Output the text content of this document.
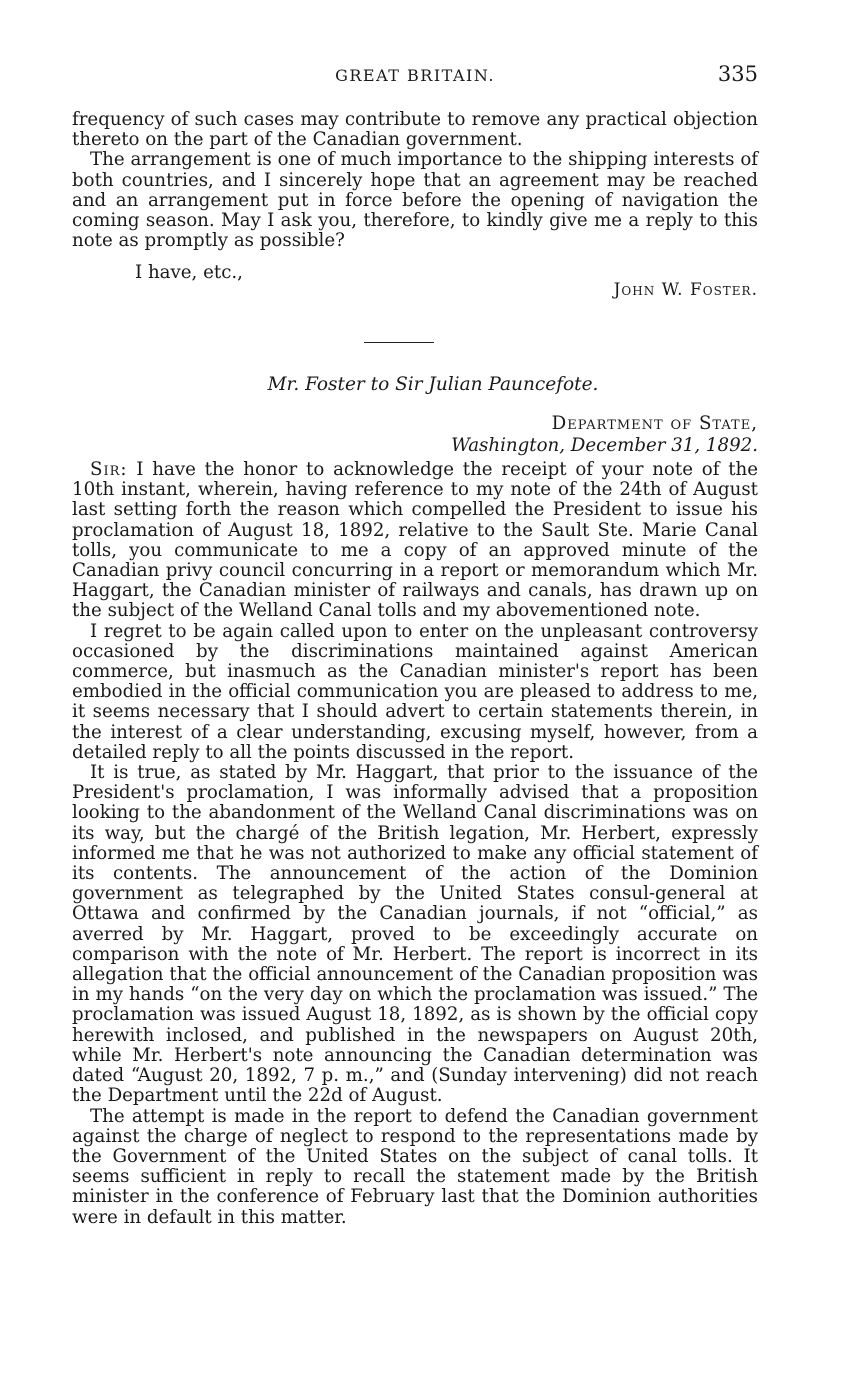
GREAT BRITAIN.	335

frequency of such cases may contribute to remove any practical objection thereto on the part of the Canadian government.

The arrangement is one of much importance to the shipping interests of both countries, and I sincerely hope that an agreement may be reached and an arrangement put in force before the opening of navigation the coming season. May I ask you, therefore, to kindly give me a reply to this note as promptly as possible?

I have, etc.,
John W. Foster.
Mr. Foster to Sir Julian Pauncefote.
Department of State,
Washington, December 31, 1892.

Sir: I have the honor to acknowledge the receipt of your note of the 10th instant, wherein, having reference to my note of the 24th of August last setting forth the reason which compelled the President to issue his proclamation of August 18, 1892, relative to the Sault Ste. Marie Canal tolls, you communicate to me a copy of an approved minute of the Canadian privy council concurring in a report or memorandum which Mr. Haggart, the Canadian minister of railways and canals, has drawn up on the subject of the Welland Canal tolls and my abovementioned note.

I regret to be again called upon to enter on the unpleasant controversy occasioned by the discriminations maintained against American commerce, but inasmuch as the Canadian minister's report has been embodied in the official communication you are pleased to address to me, it seems necessary that I should advert to certain statements therein, in the interest of a clear understanding, excusing myself, however, from a detailed reply to all the points discussed in the report.

It is true, as stated by Mr. Haggart, that prior to the issuance of the President's proclamation, I was informally advised that a proposition looking to the abandonment of the Welland Canal discriminations was on its way, but the chargé of the British legation, Mr. Herbert, expressly informed me that he was not authorized to make any official statement of its contents. The announcement of the action of the Dominion government as telegraphed by the United States consul-general at Ottawa and confirmed by the Canadian journals, if not “official,” as averred by Mr. Haggart, proved to be exceedingly accurate on comparison with the note of Mr. Herbert. The report is incorrect in its allegation that the official announcement of the Canadian proposition was in my hands “on the very day on which the proclamation was issued.” The proclamation was issued August 18, 1892, as is shown by the official copy herewith inclosed, and published in the newspapers on August 20th, while Mr. Herbert's note announcing the Canadian determination was dated “August 20, 1892, 7 p. m.,” and (Sunday intervening) did not reach the Department until the 22d of August.

The attempt is made in the report to defend the Canadian government against the charge of neglect to respond to the representations made by the Government of the United States on the subject of canal tolls. It seems sufficient in reply to recall the statement made by the British minister in the conference of February last that the Dominion authorities were in default in this matter.
